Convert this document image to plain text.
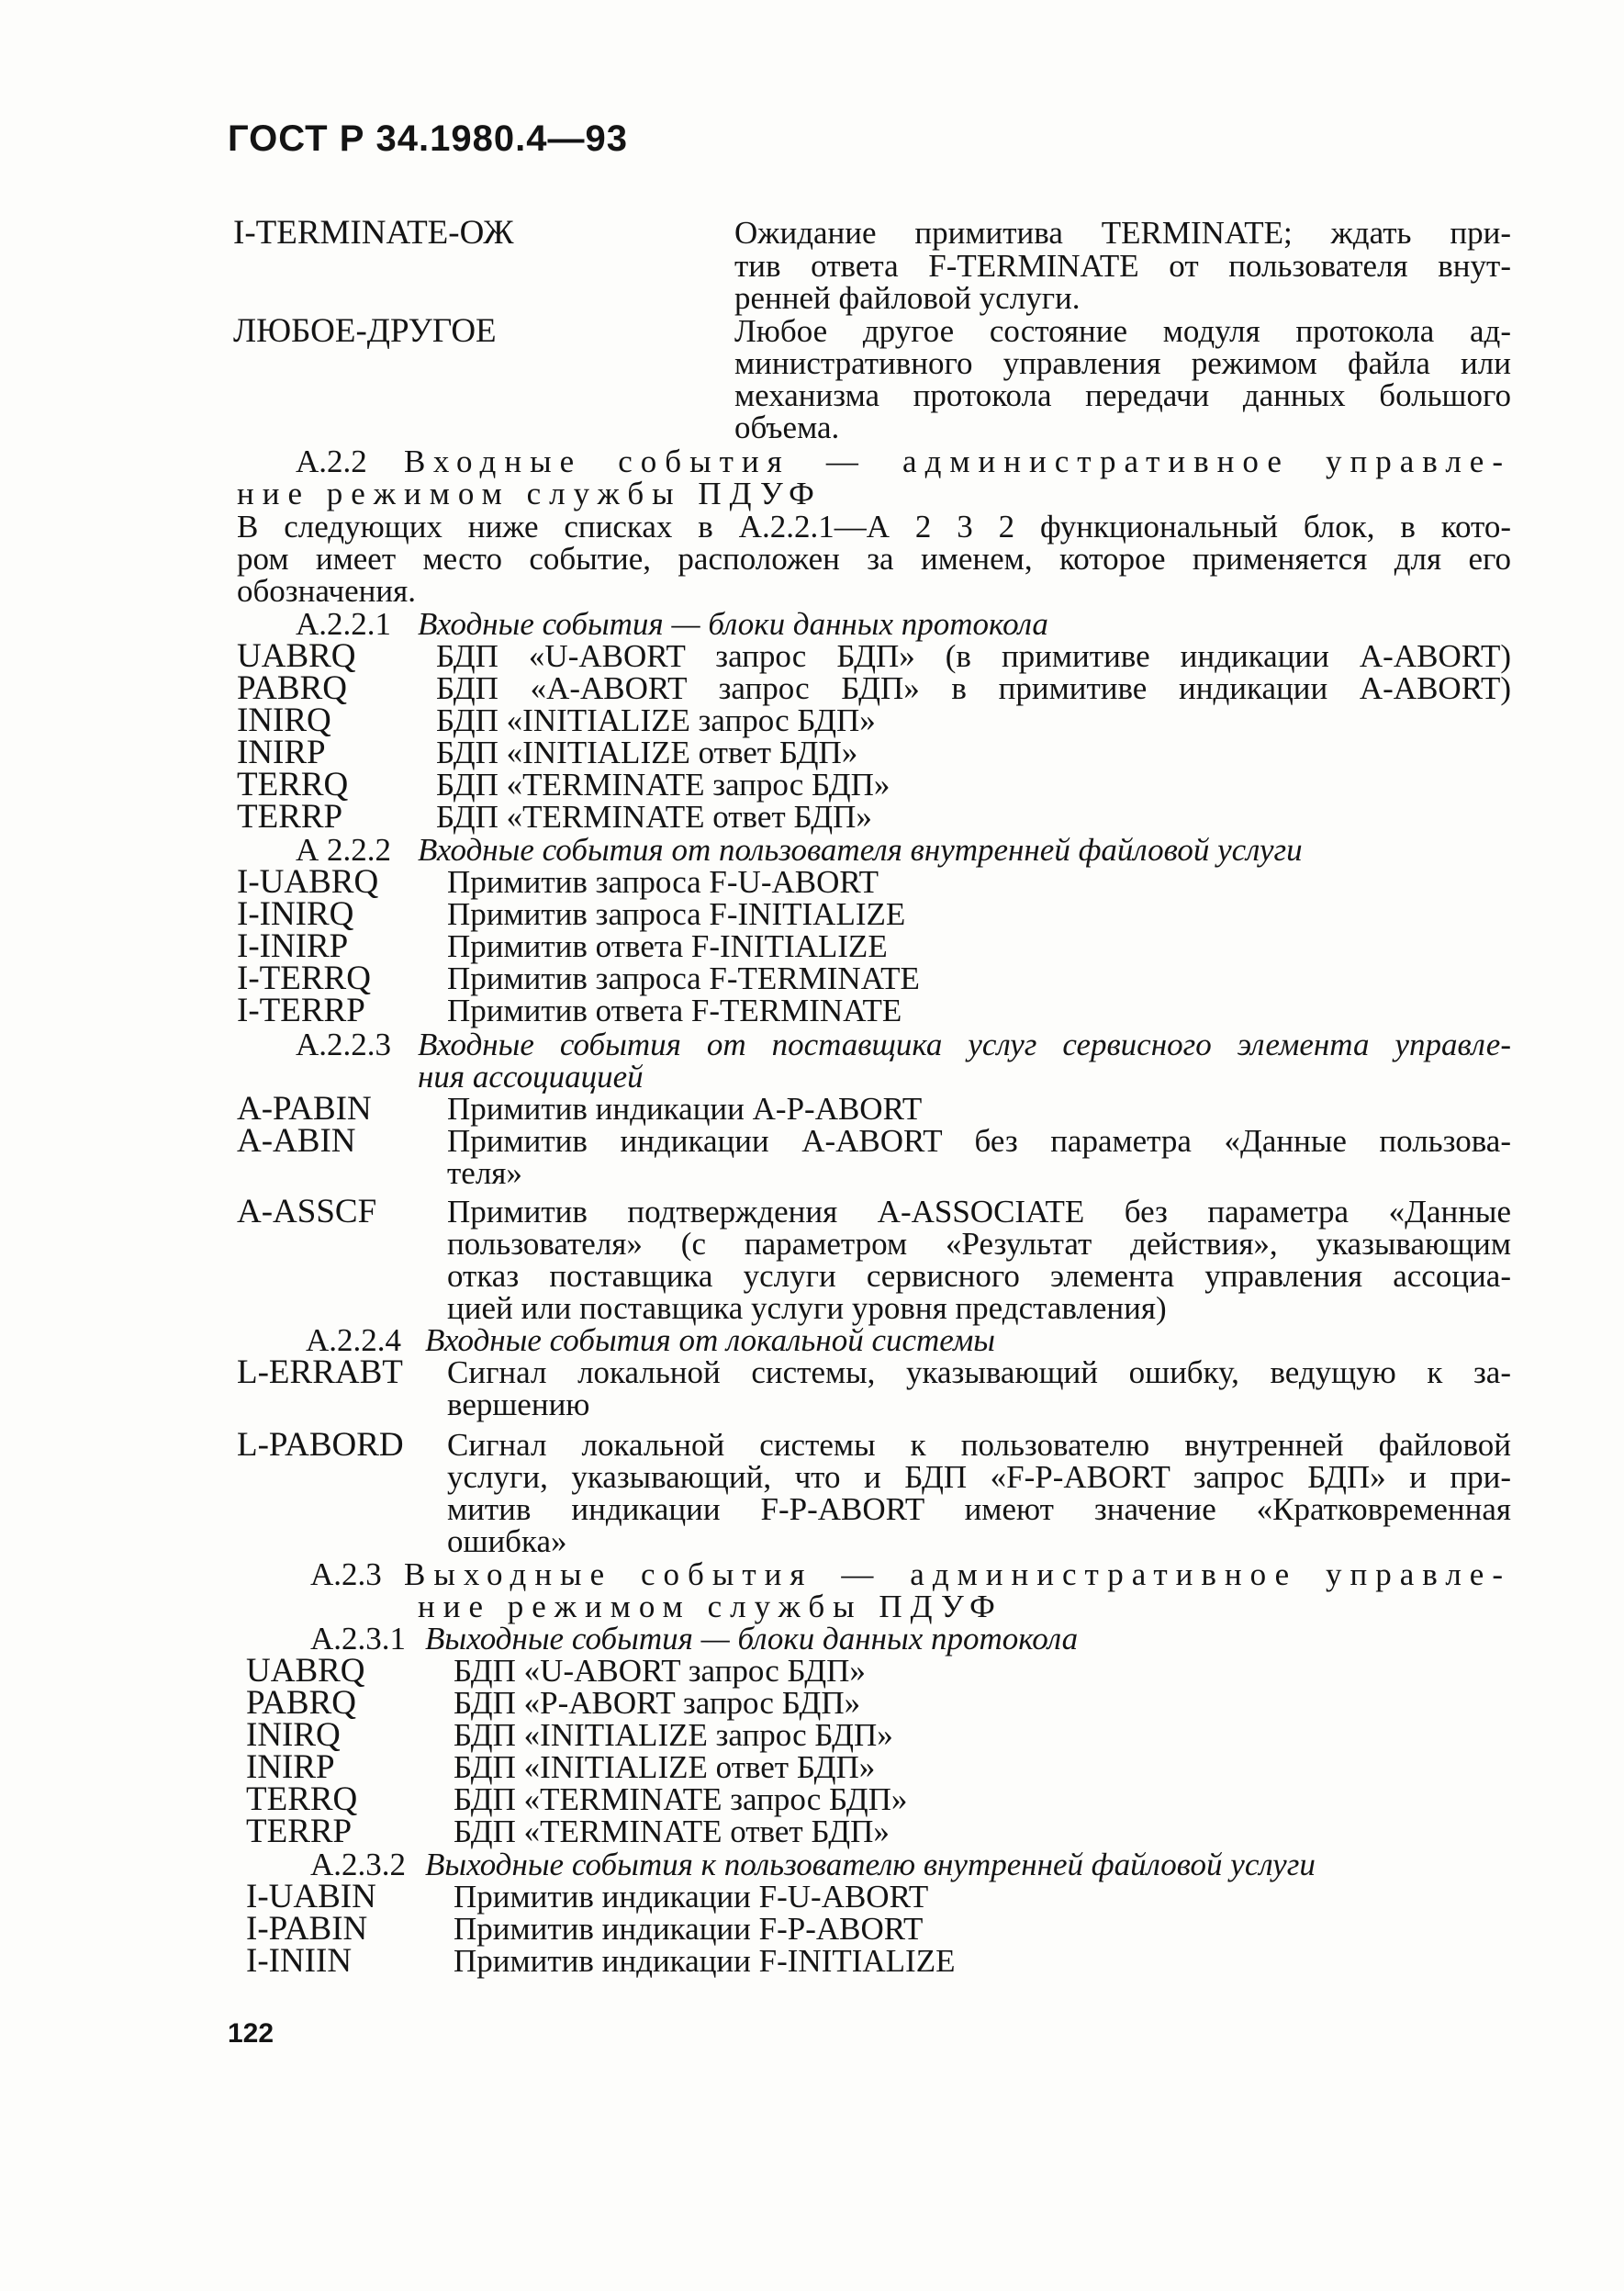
ГОСТ Р 34.1980.4—93
I-TERMINATE-ОЖ	Ожидание примитива TERMINATE; ждать при-
тив ответа F-TERMINATE от пользователя внут-
ренней файловой услуги.
ЛЮБОЕ-ДРУГОЕ	Любое другое состояние модуля протокола ад-
министративного управления режимом файла или
механизма протокола передачи данных большого
объема.
А.2.2 Входные события — административное управле-
ние режимом службы ПДУФ
В следующих ниже списках в А.2.2.1—А 2 3 2 функциональный блок, в кото-
ром имеет место событие, расположен за именем, которое применяется для его
обозначения.
А.2.2.1 Входные события — блоки данных протокола
UABRQ БДП «U-ABORT запрос БДП» (в примитиве индикации A-ABORT)
PABRQ	БДП «A-ABORT запрос БДП» в примитиве индикации A-ABORT)
INIRQ	БДП «INITIALIZE запрос БДП»
INIRP	БДП «INITIALIZE ответ БДП»
TERRQ	БДП «TERMINATE запрос БДП»
TERRP	БДП «TERMINATE ответ БДП»
А 2.2.2 Входные события от пользователя внутренней файловой услуги
I-UABRQ Примитив запроса F-U-ABORT
I-INIRQ	Примитив запроса F-INITIALIZE
I-INIRP	Примитив ответа F-INITIALIZE
I-TERRQ Примитив запроса F-TERMINATE
I-TERRP	Примитив ответа F-TERMINATE
А.2.2.3 Входные события от поставщика услуг сервисного элемента управле-
ния ассоциацией
A-PABIN Примитив индикации A-P-ABORT
A-ABIN	Примитив индикации A-ABORT без параметра «Данные пользова-
теля»
A-ASSCF Примитив подтверждения A-ASSOCIATE без параметра «Данные
пользователя» (с параметром «Результат действия», указывающим
отказ поставщика услуги сервисного элемента управления ассоциа-
цией или поставщика услуги уровня представления)
А.2.2.4 Входные события от локальной системы
L-ERRABT Сигнал локальной системы, указывающий ошибку, ведущую к за-
вершению
L-PABORD Сигнал локальной системы к пользователю внутренней файловой
услуги, указывающий, что и БДП «F-P-ABORT запрос БДП» и при-
митив индикации F-P-ABORT имеют значение «Кратковременная
ошибка»
А.2.3 Выходные события — административное управле-
ние режимом службы ПДУФ
А.2.3.1 Выходные события — блоки данных протокола
UABRQ	БДП «U-ABORT запрос БДП»
PABRQ	БДП «P-ABORT запрос БДП»
INIRQ	БДП «INITIALIZE запрос БДП»
INIRP	БДП «INITIALIZE ответ БДП»
TERRQ	БДП «TERMINATE запрос БДП»
TERRP	БДП «TERMINATE ответ БДП»
А.2.3.2 Выходные события к пользователю внутренней файловой услуги
I-UABIN Примитив индикации F-U-ABORT
I-PABIN	Примитив индикации F-P-ABORT
I-INIIN	Примитив индикации F-INITIALIZE
122
